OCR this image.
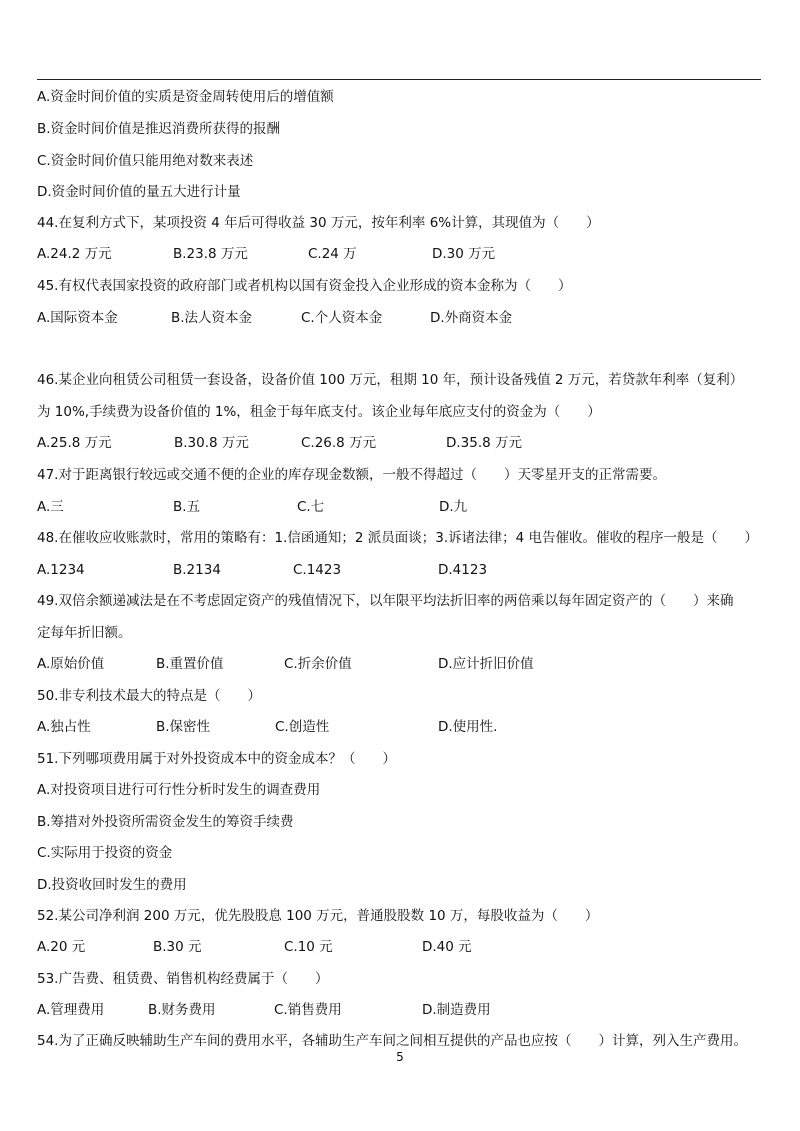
A.资金时间价值的实质是资金周转使用后的增值额
B.资金时间价值是推迟消费所获得的报酬
C.资金时间价值只能用绝对数来表述
D.资金时间价值的量五大进行计量
44.在复利方式下，某项投资 4 年后可得收益 30 万元，按年利率 6%计算，其现值为（　　）
A.24.2 万元	B.23.8 万元	C.24 万	D.30 万元
45.有权代表国家投资的政府部门或者机构以国有资金投入企业形成的资本金称为（　　）
A.国际资本金	B.法人资本金	C.个人资本金	D.外商资本金
46.某企业向租赁公司租赁一套设备，设备价值 100 万元，租期 10 年，预计设备残值 2 万元，若贷款年利率（复利）
为 10%,手续费为设备价值的 1%，租金于每年底支付。该企业每年底应支付的资金为（　　）
A.25.8 万元	B.30.8 万元	C.26.8 万元	D.35.8 万元
47.对于距离银行较远或交通不便的企业的库存现金数额，一般不得超过（　　）天零星开支的正常需要。
A.三	B.五	C.七	D.九
48.在催收应收账款时，常用的策略有：1.信函通知；2 派员面谈；3.诉诸法律；4 电告催收。催收的程序一般是（　　）
A.1234	B.2134	C.1423	D.4123
49.双倍余额递减法是在不考虑固定资产的残值情况下，以年限平均法折旧率的两倍乘以每年固定资产的（　　）来确
定每年折旧额。
A.原始价值	B.重置价值	C.折余价值	D.应计折旧价值
50.非专利技术最大的特点是（　　）
A.独占性	B.保密性	C.创造性	D.使用性.
51.下列哪项费用属于对外投资成本中的资金成本？（　　）
A.对投资项目进行可行性分析时发生的调查费用
B.筹措对外投资所需资金发生的筹资手续费
C.实际用于投资的资金
D.投资收回时发生的费用
52.某公司净利润 200 万元，优先股股息 100 万元，普通股股数 10 万，每股收益为（　　）
A.20 元	B.30 元	C.10 元	D.40 元
53.广告费、租赁费、销售机构经费属于（　　）
A.管理费用	B.财务费用	C.销售费用	D.制造费用
54.为了正确反映辅助生产车间的费用水平，各辅助生产车间之间相互提供的产品也应按（　　）计算，列入生产费用。
5
